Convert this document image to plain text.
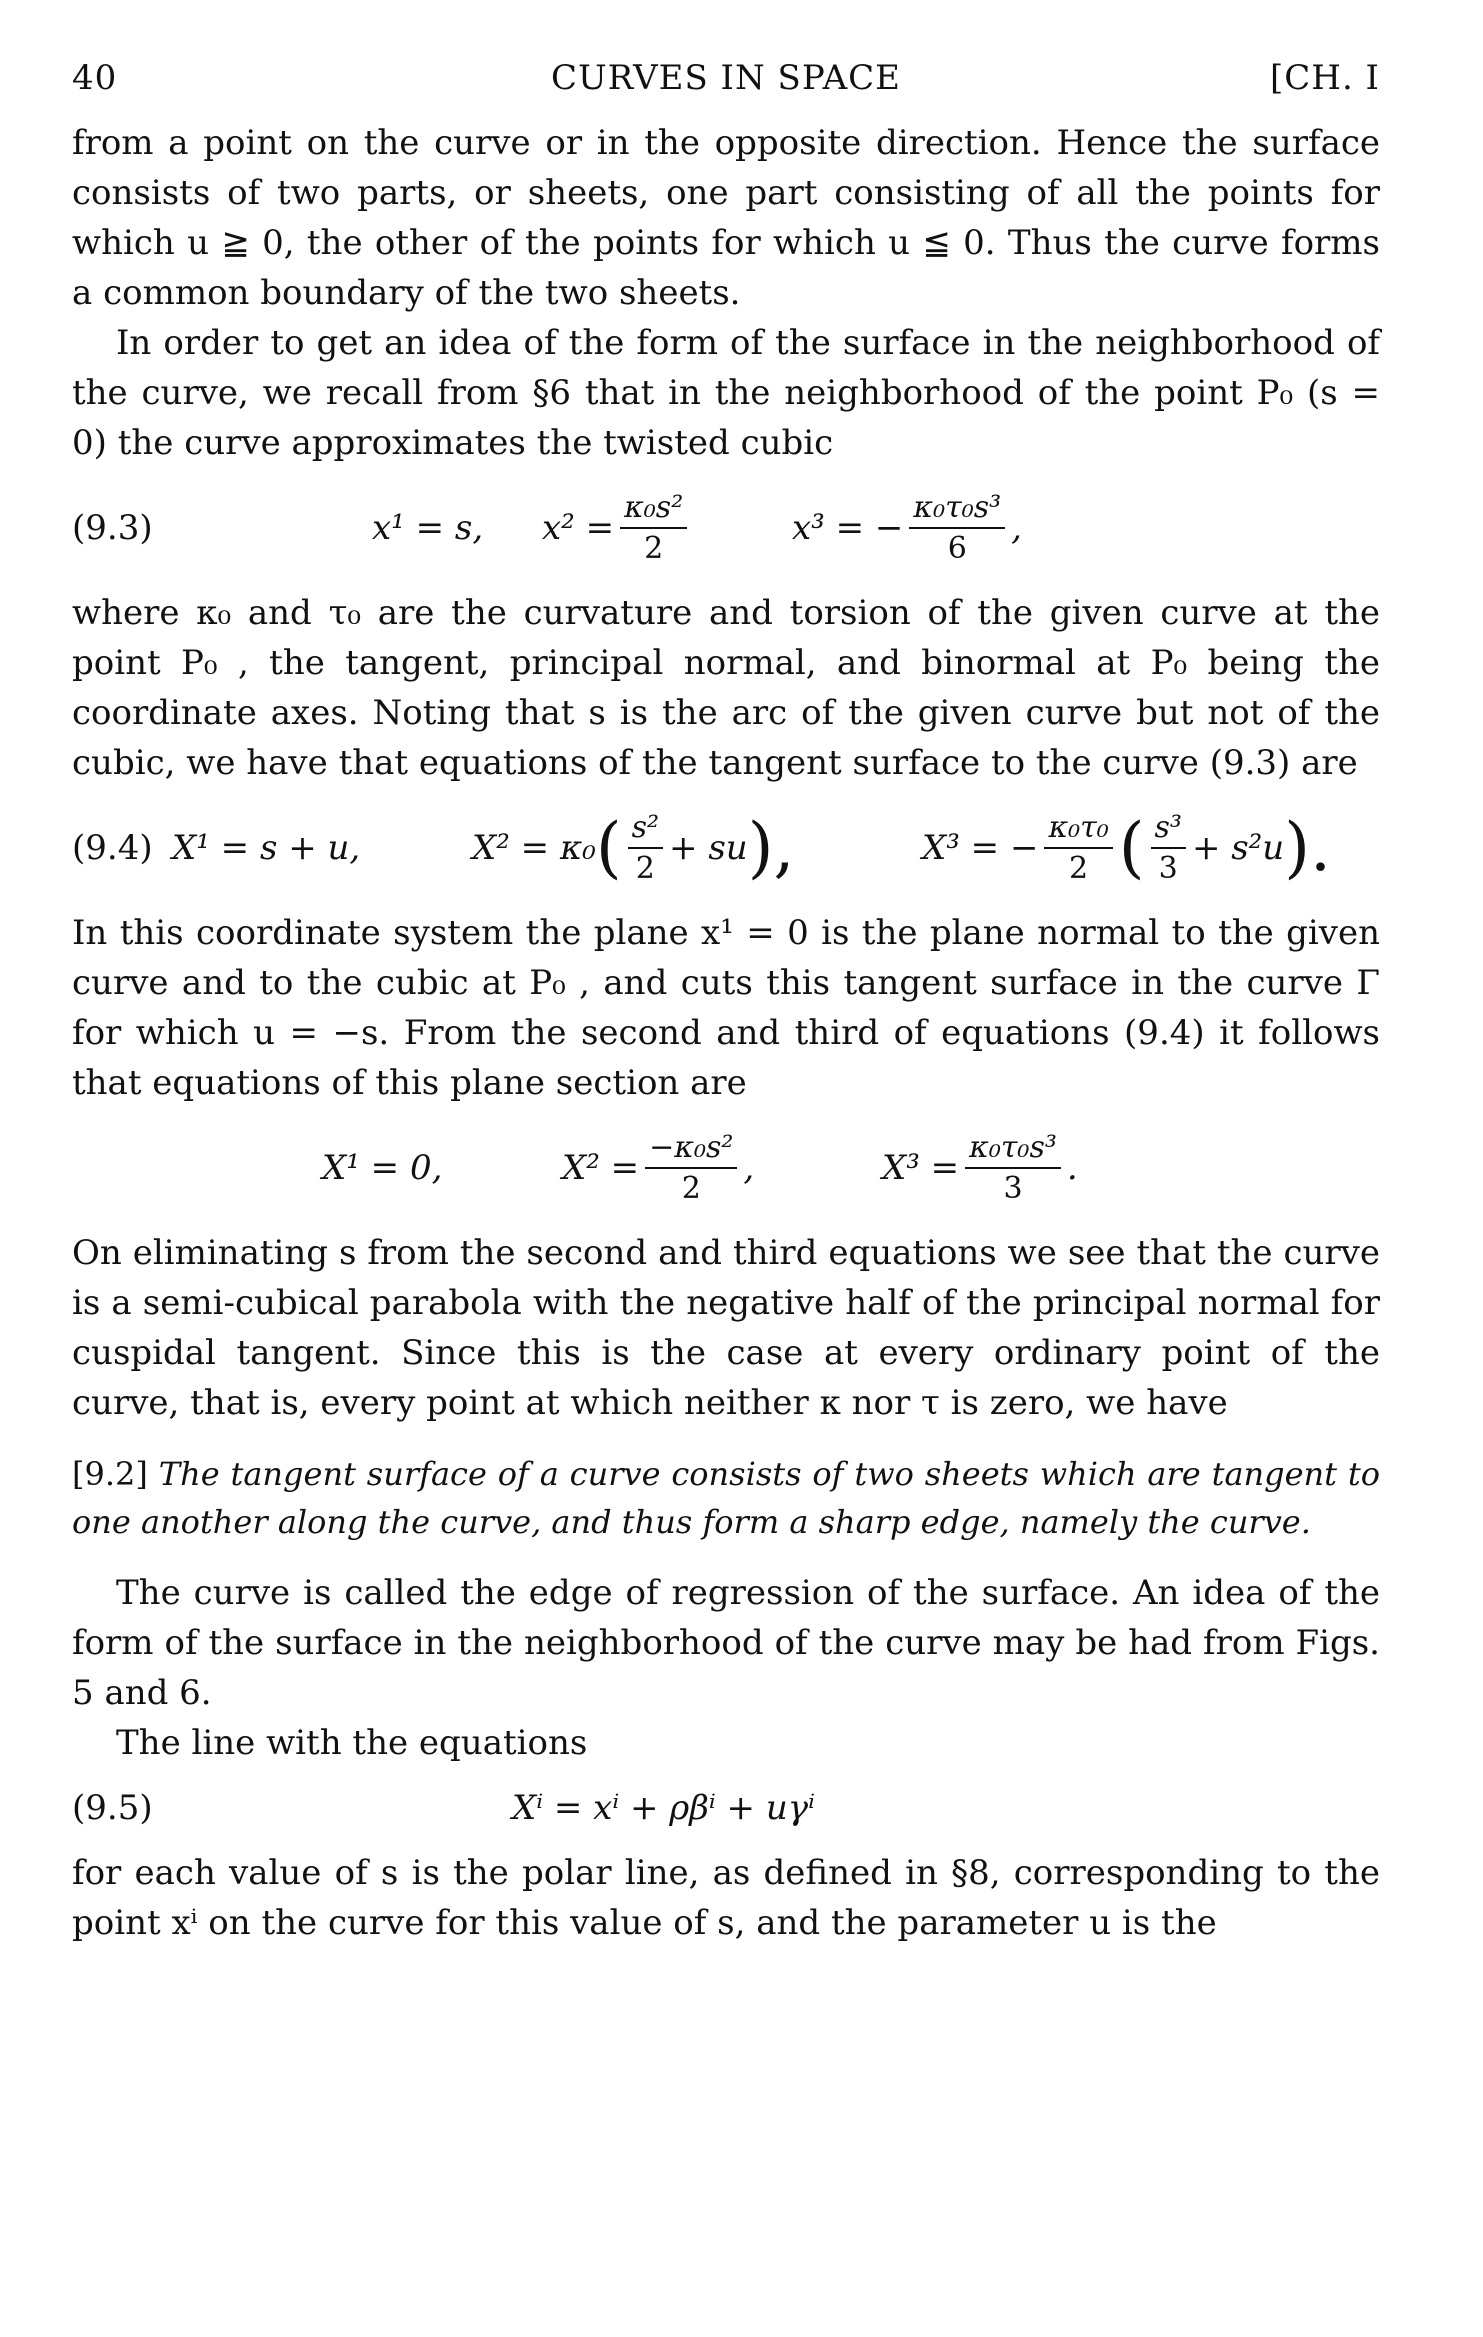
40	CURVES IN SPACE	[CH. I

from a point on the curve or in the opposite direction. Hence the surface consists of two parts, or sheets, one part consisting of all the points for which u ≧ 0, the other of the points for which u ≦ 0. Thus the curve forms a common boundary of the two sheets.

In order to get an idea of the form of the surface in the neighborhood of the curve, we recall from §6 that in the neighborhood of the point P₀ (s = 0) the curve approximates the twisted cubic

(9.3)	x¹ = s, $x^2 = \frac{\text{κ₀s²}}{2}$	x³ = − $\frac{\text{κ₀τ₀s³}}{6}$ ,

where κ₀ and τ₀ are the curvature and torsion of the given curve at the point P₀ , the tangent, principal normal, and binormal at P₀ being the coordinate axes. Noting that s is the arc of the given curve but not of the cubic, we have that equations of the tangent surface to the curve (9.3) are

(9.4) X¹ = s + u,	X² = κ₀ ( $\frac{\text{s²}}{2}$ + su ),	X³ = − $\frac{\text{κ₀τ₀}}{2}$ ( $\frac{\text{s³}}{3} + s^2u$ ).

In this coordinate system the plane x¹ = 0 is the plane normal to the given curve and to the cubic at P₀ , and cuts this tangent surface in the curve Γ for which u = −s. From the second and third of equations (9.4) it follows that equations of this plane section are

X¹ = 0,	$X^2 = \frac{\text{−κ₀s²}}{2}$ ,	$X^3 = \frac{\text{κ₀τ₀s³}}{3}$ .

On eliminating s from the second and third equations we see that the curve is a semi-cubical parabola with the negative half of the principal normal for cuspidal tangent. Since this is the case at every ordinary point of the curve, that is, every point at which neither κ nor τ is zero, we have

[9.2] The tangent surface of a curve consists of two sheets which are tangent to one another along the curve, and thus form a sharp edge, namely the curve.

The curve is called the edge of regression of the surface. An idea of the form of the surface in the neighborhood of the curve may be had from Figs. 5 and 6.

The line with the equations

(9.5)	Xⁱ = xⁱ + ρβⁱ + uγⁱ

for each value of s is the polar line, as defined in §8, corresponding to the point xⁱ on the curve for this value of s, and the parameter u is the
